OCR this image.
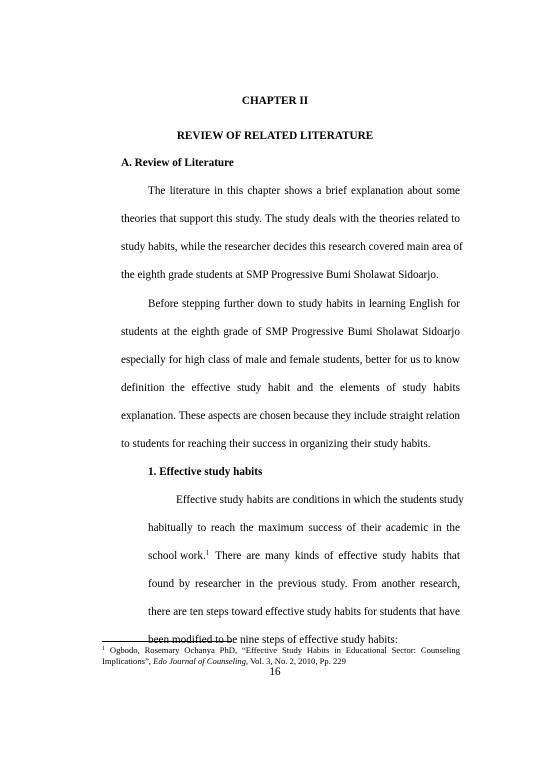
CHAPTER II
REVIEW OF RELATED LITERATURE
A. Review of Literature
The literature in this chapter shows a brief explanation about some
theories that support this study. The study deals with the theories related to
study habits, while the researcher decides this research covered main area of
the eighth grade students at SMP Progressive Bumi Sholawat Sidoarjo.
Before stepping further down to study habits in learning English for
students at the eighth grade of SMP Progressive Bumi Sholawat Sidoarjo
especially for high class of male and female students, better for us to know
definition the effective study habit and the elements of study habits
explanation. These aspects are chosen because they include straight relation
to students for reaching their success in organizing their study habits.
1. Effective study habits
Effective study habits are conditions in which the students study
habitually to reach the maximum success of their academic in the
school work.$^1$ There are many kinds of effective study habits that
found by researcher in the previous study. From another research,
there are ten steps toward effective study habits for students that have
been modified to be nine steps of effective study habits:
$^1$ Ogbodo, Rosemary Ochanya PhD, “Effective Study Habits in Educational Sector: Counseling
Implications”, Edo Journal of Counseling, Vol. 3, No. 2, 2010, Pp. 229
16
